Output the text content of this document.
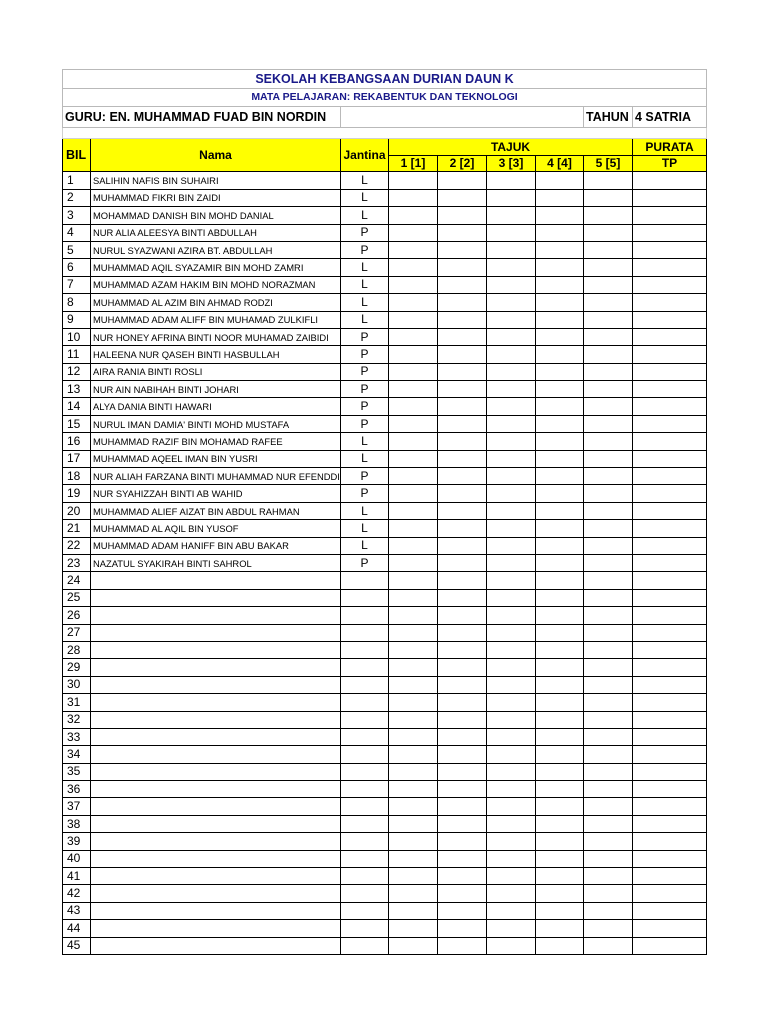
SEKOLAH KEBANGSAAN DURIAN DAUN K								
MATA PELAJARAN: REKABENTUK DAN TEKNOLOGI								
GURU: EN. MUHAMMAD FUAD BIN NORDIN							TAHUN	4 SATRIA

BIL	Nama	Jantina	TAJUK					PURATA
			1 [1]	2 [2]	3 [3]	4 [4]	5 [5]	TP
1	SALIHIN NAFIS BIN SUHAIRI	L						
2	MUHAMMAD FIKRI BIN ZAIDI	L						
3	MOHAMMAD DANISH BIN MOHD DANIAL	L						
4	NUR ALIA ALEESYA BINTI ABDULLAH	P						
5	NURUL SYAZWANI AZIRA BT. ABDULLAH	P						
6	MUHAMMAD AQIL SYAZAMIR BIN MOHD ZAMRI	L						
7	MUHAMMAD AZAM HAKIM BIN MOHD NORAZMAN	L						
8	MUHAMMAD AL AZIM BIN AHMAD RODZI	L						
9	MUHAMMAD ADAM ALIFF BIN MUHAMAD ZULKIFLI	L						
10	NUR HONEY AFRINA BINTI NOOR MUHAMAD ZAIBIDI	P						
11	HALEENA NUR QASEH BINTI HASBULLAH	P						
12	AIRA RANIA BINTI ROSLI	P						
13	NUR AIN NABIHAH BINTI JOHARI	P						
14	ALYA DANIA BINTI HAWARI	P						
15	NURUL IMAN DAMIA' BINTI MOHD MUSTAFA	P						
16	MUHAMMAD RAZIF BIN MOHAMAD RAFEE	L						
17	MUHAMMAD AQEEL IMAN BIN YUSRI	L						
18	NUR ALIAH FARZANA BINTI MUHAMMAD NUR EFENDDI	P						
19	NUR SYAHIZZAH BINTI AB WAHID	P						
20	MUHAMMAD ALIEF AIZAT BIN ABDUL RAHMAN	L						
21	MUHAMMAD AL AQIL BIN YUSOF	L						
22	MUHAMMAD ADAM HANIFF BIN ABU BAKAR	L						
23	NAZATUL SYAKIRAH BINTI SAHROL	P						
24								
25								
26								
27								
28								
29								
30								
31								
32								
33								
34								
35								
36								
37								
38								
39								
40								
41								
42								
43								
44								
45								
